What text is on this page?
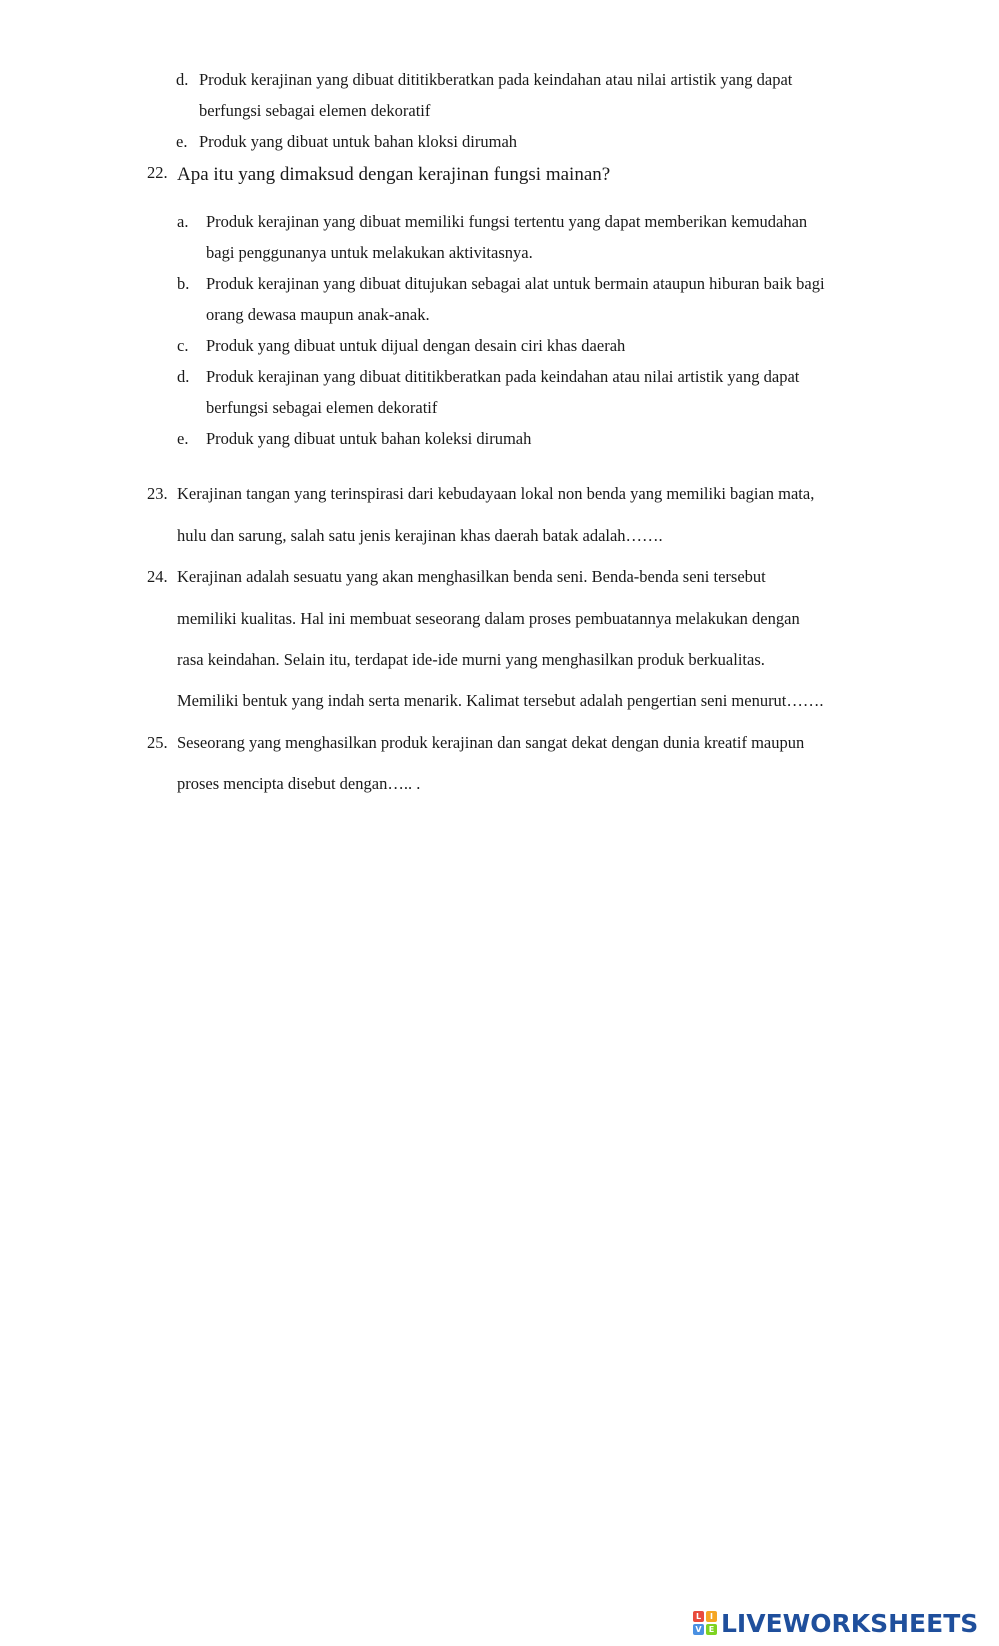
d. Produk kerajinan yang dibuat dititikberatkan pada keindahan atau nilai artistik yang dapat
berfungsi sebagai elemen dekoratif
e. Produk yang dibuat untuk bahan kloksi dirumah
22. Apa itu yang dimaksud dengan kerajinan fungsi mainan?
a. Produk kerajinan yang dibuat memiliki fungsi tertentu yang dapat memberikan kemudahan
bagi penggunanya untuk melakukan aktivitasnya.
b. Produk kerajinan yang dibuat ditujukan sebagai alat untuk bermain ataupun hiburan baik bagi
orang dewasa maupun anak-anak.
c. Produk yang dibuat untuk dijual dengan desain ciri khas daerah
d. Produk kerajinan yang dibuat dititikberatkan pada keindahan atau nilai artistik yang dapat
berfungsi sebagai elemen dekoratif
e. Produk yang dibuat untuk bahan koleksi dirumah
23. Kerajinan tangan yang terinspirasi dari kebudayaan lokal non benda yang memiliki bagian mata,
hulu dan sarung, salah satu jenis kerajinan khas daerah batak adalah…….
24. Kerajinan adalah sesuatu yang akan menghasilkan benda seni. Benda-benda seni tersebut
memiliki kualitas. Hal ini membuat seseorang dalam proses pembuatannya melakukan dengan
rasa keindahan. Selain itu, terdapat ide-ide murni yang menghasilkan produk berkualitas.
Memiliki bentuk yang indah serta menarik. Kalimat tersebut adalah pengertian seni menurut…….
25. Seseorang yang menghasilkan produk kerajinan dan sangat dekat dengan dunia kreatif maupun
proses mencipta disebut dengan….. .
L	I
V E LIVEWORKSHEETS
